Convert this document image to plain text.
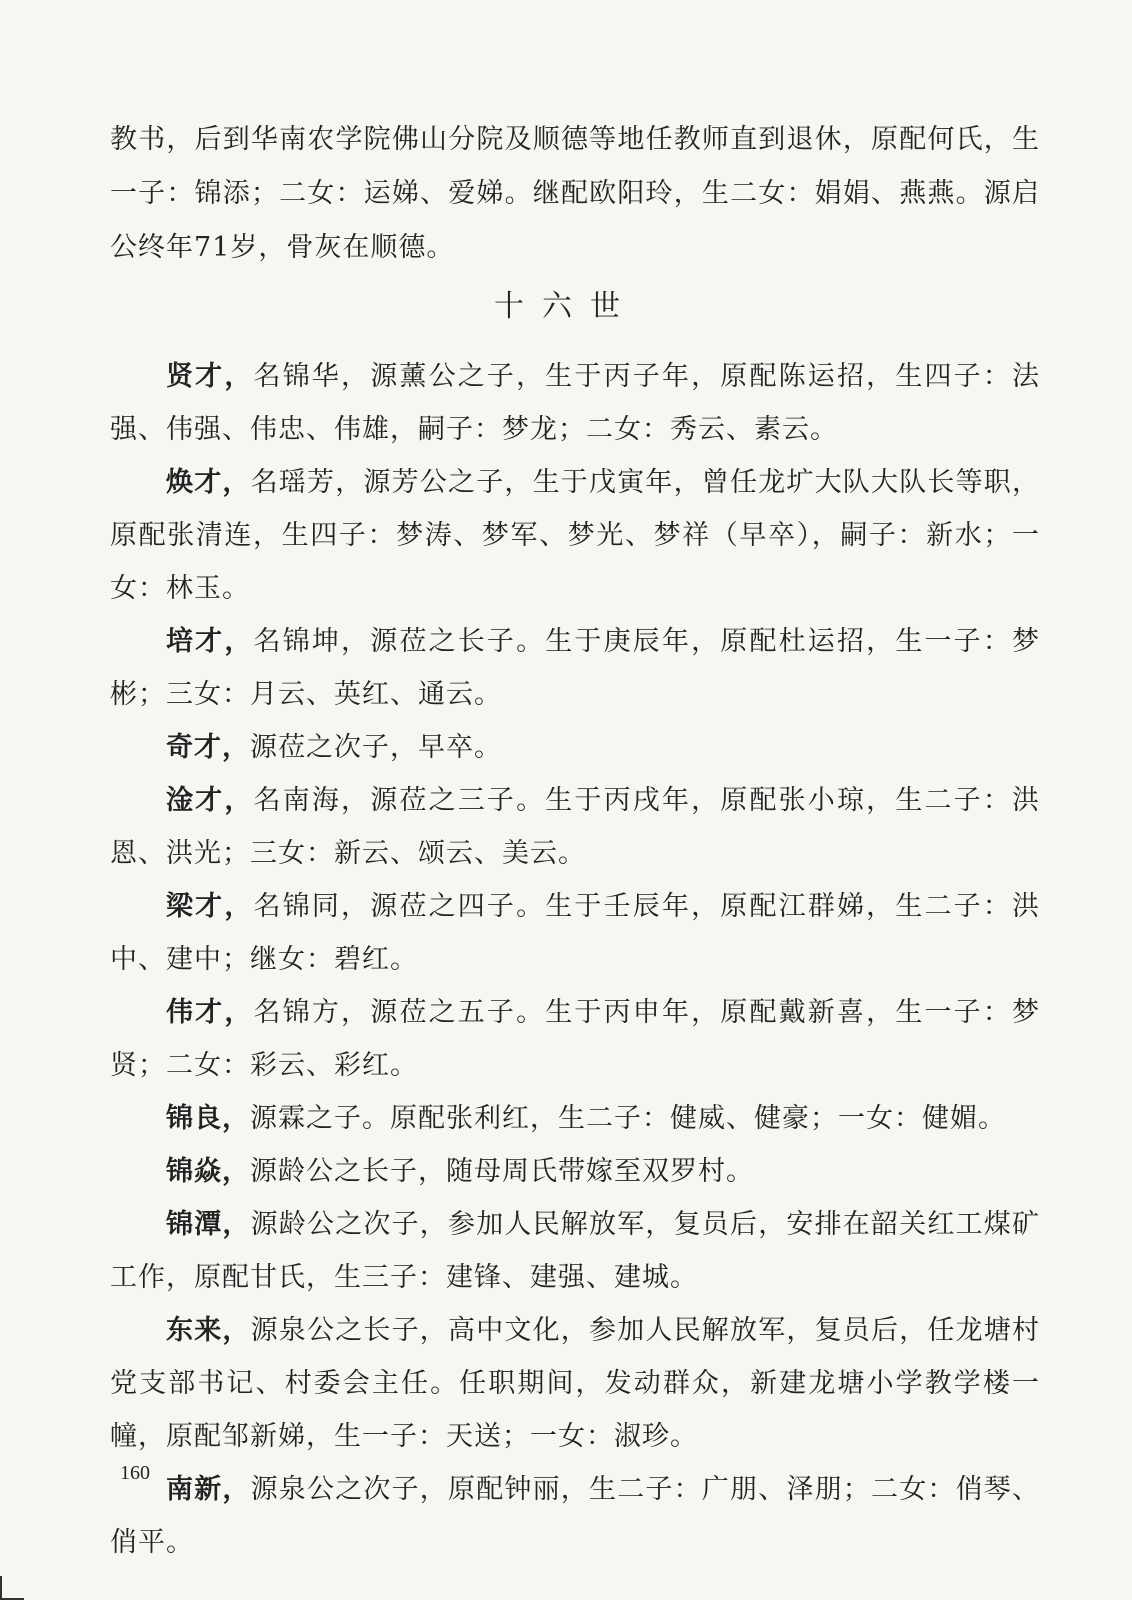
教书，后到华南农学院佛山分院及顺德等地任教师直到退休，原配何氏，生一子：锦添；二女：运娣、爱娣。继配欧阳玲，生二女：娟娟、燕燕。源启公终年71岁，骨灰在顺德。

十六世

贤才，名锦华，源薰公之子，生于丙子年，原配陈运招，生四子：法强、伟强、伟忠、伟雄，嗣子：梦龙；二女：秀云、素云。

焕才，名瑶芳，源芳公之子，生于戊寅年，曾任龙圹大队大队长等职，原配张清连，生四子：梦涛、梦军、梦光、梦祥（早卒），嗣子：新水；一女：林玉。

培才，名锦坤，源莅之长子。生于庚辰年，原配杜运招，生一子：梦彬；三女：月云、英红、通云。

奇才，源莅之次子，早卒。

淦才，名南海，源莅之三子。生于丙戌年，原配张小琼，生二子：洪恩、洪光；三女：新云、颂云、美云。

梁才，名锦同，源莅之四子。生于壬辰年，原配江群娣，生二子：洪中、建中；继女：碧红。

伟才，名锦方，源莅之五子。生于丙申年，原配戴新喜，生一子：梦贤；二女：彩云、彩红。

锦良，源霖之子。原配张利红，生二子：健威、健豪；一女：健媚。

锦焱，源龄公之长子，随母周氏带嫁至双罗村。

锦潭，源龄公之次子，参加人民解放军，复员后，安排在韶关红工煤矿工作，原配甘氏，生三子：建锋、建强、建城。

东来，源泉公之长子，高中文化，参加人民解放军，复员后，任龙塘村党支部书记、村委会主任。任职期间，发动群众，新建龙塘小学教学楼一幢，原配邹新娣，生一子：天送；一女：淑珍。

南新，源泉公之次子，原配钟丽，生二子：广朋、泽朋；二女：俏琴、俏平。

160
